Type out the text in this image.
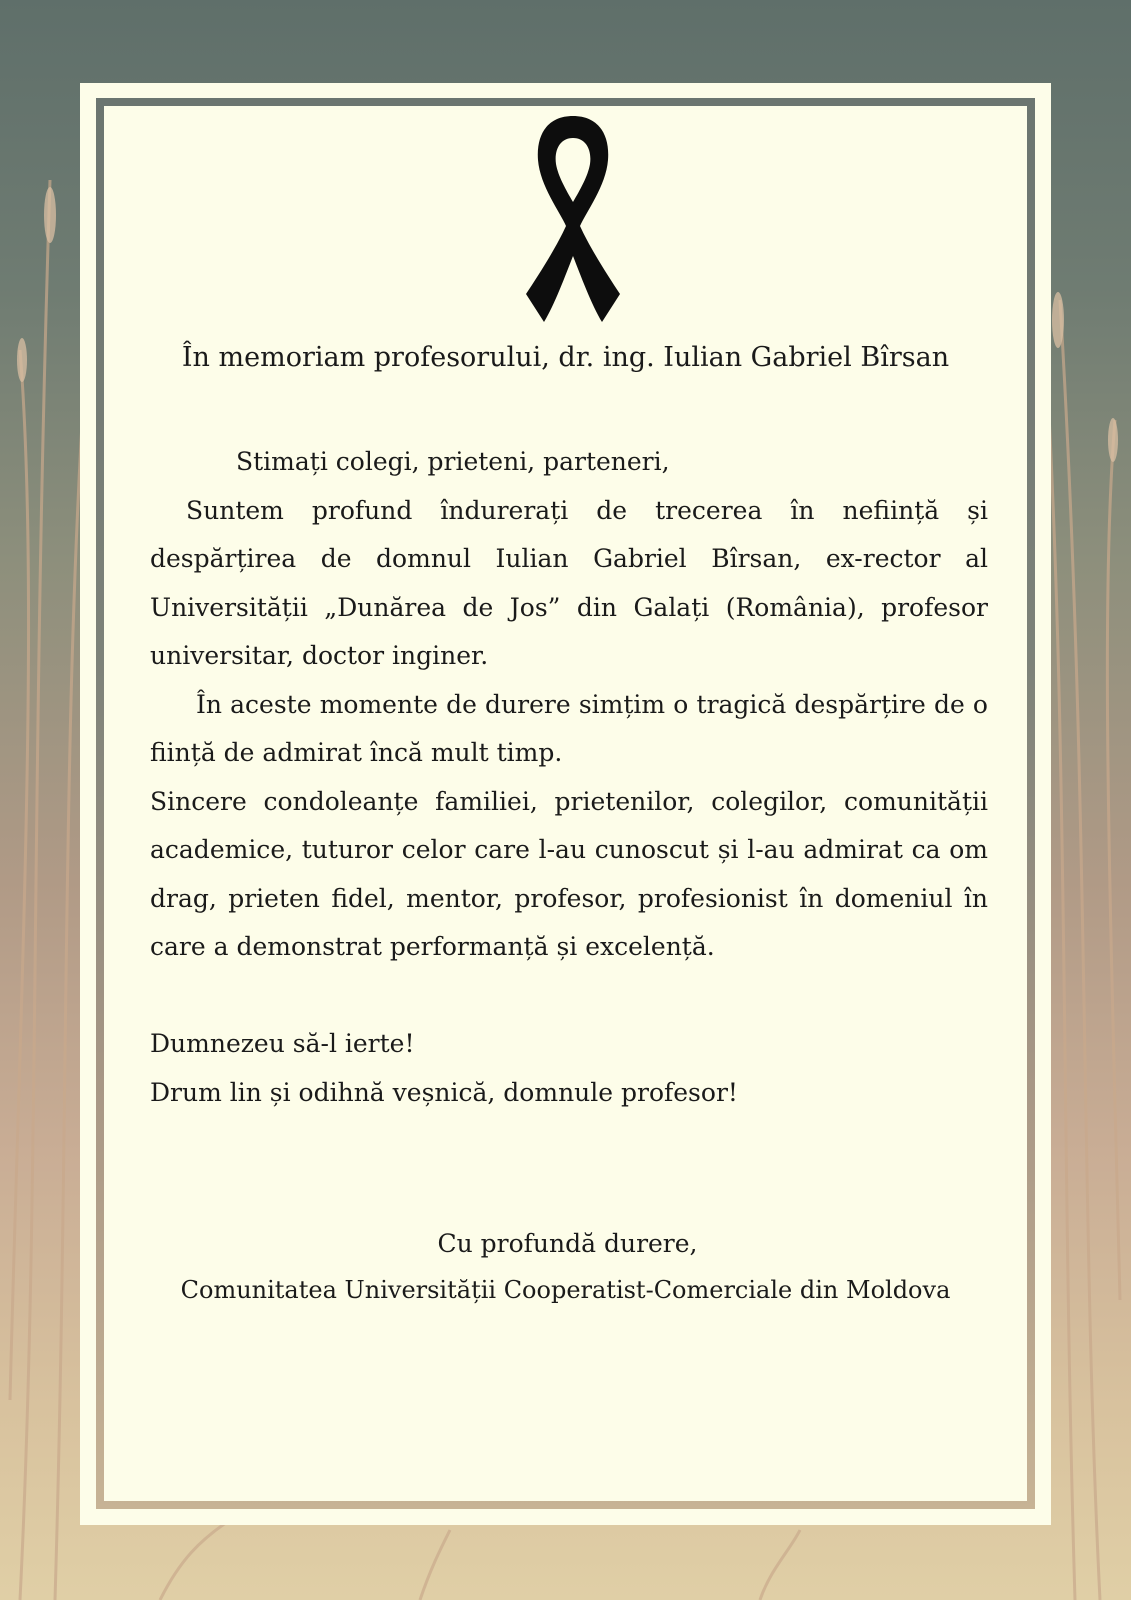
În memoriam profesorului, dr. ing. Iulian Gabriel Bîrsan

Stimați colegi, prieteni, parteneri,

Suntem profund îndurerați de trecerea în neființă și despărțirea de domnul Iulian Gabriel Bîrsan, ex-rector al Universității „Dunărea de Jos” din Galați (România), profesor universitar, doctor inginer.

În aceste momente de durere simțim o tragică despărțire de o ființă de admirat încă mult timp.

Sincere condoleanțe familiei, prietenilor, colegilor, comunității academice, tuturor celor care l-au cunoscut și l-au admirat ca om drag, prieten fidel, mentor, profesor, profesionist în domeniul în care a demonstrat performanță și excelență.

Dumnezeu să-l ierte!

Drum lin și odihnă veșnică, domnule profesor!

Cu profundă durere,
Comunitatea Universității Cooperatist-Comerciale din Moldova
